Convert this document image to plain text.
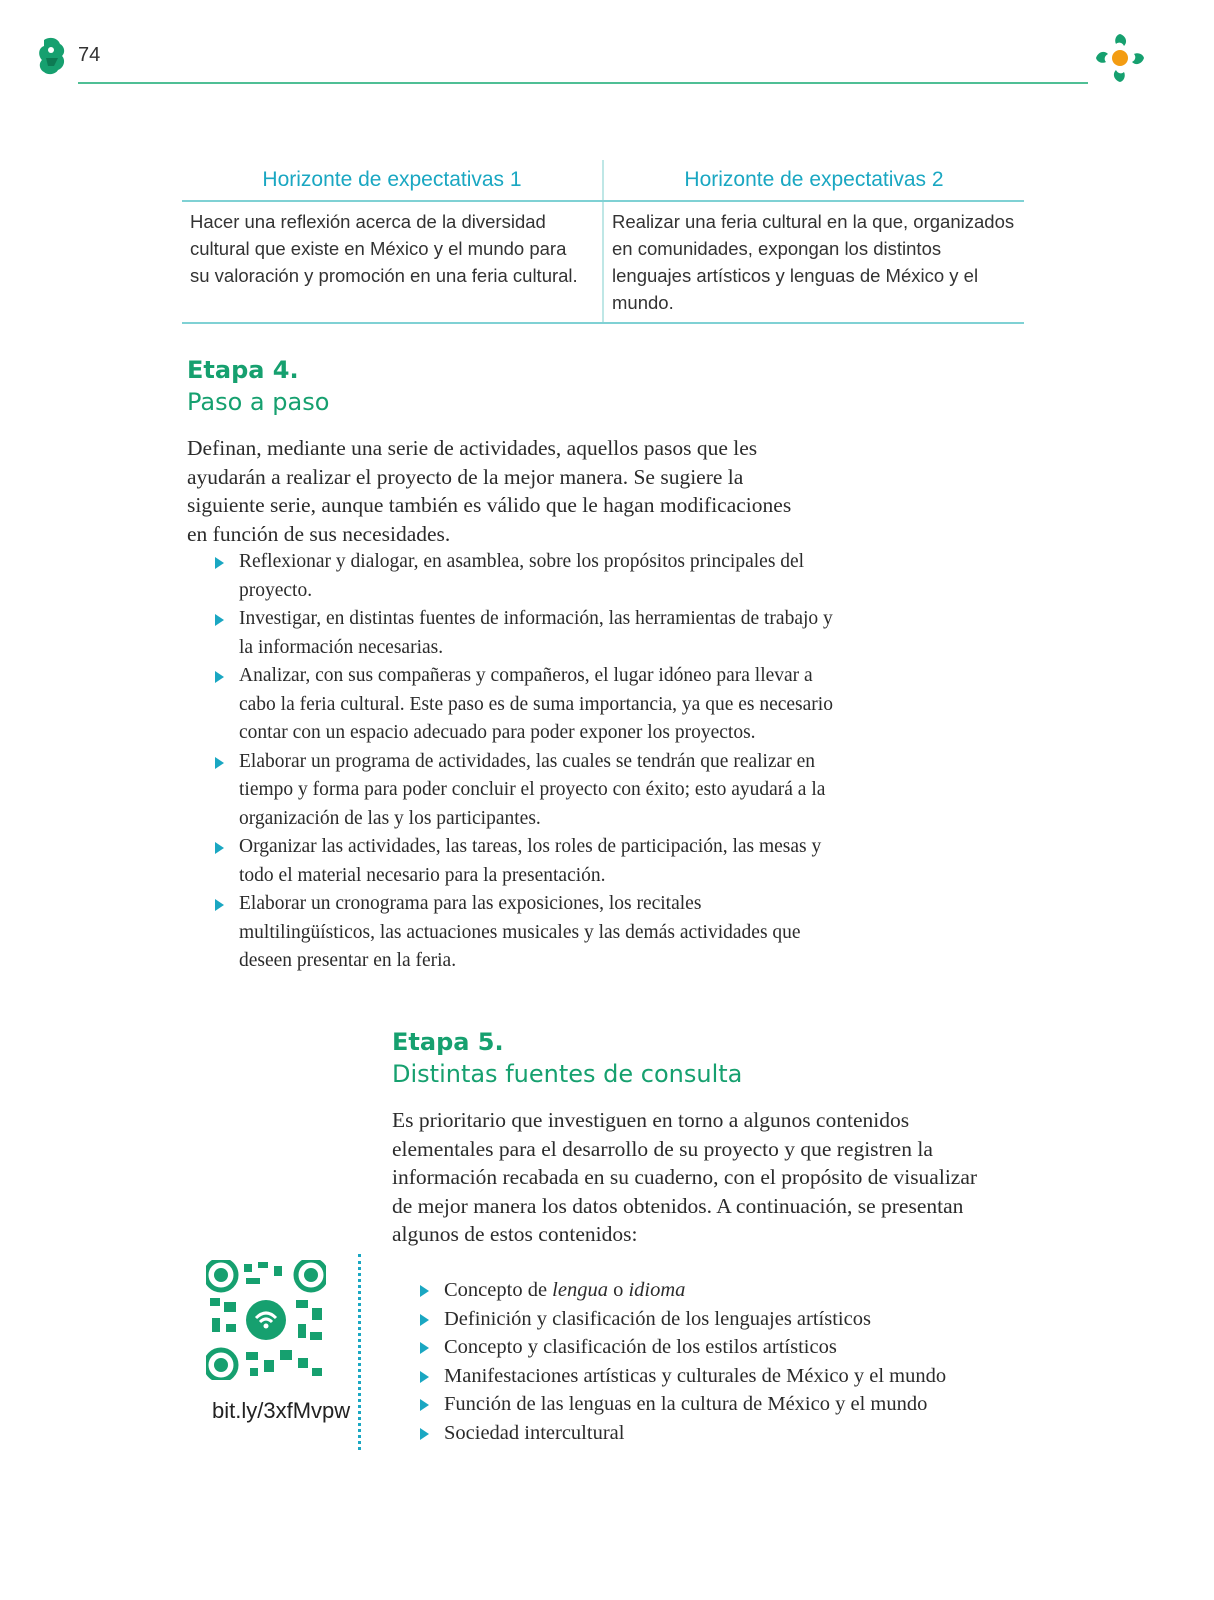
74
Horizonte de expectativas 1	Horizonte de expectativas 2
Hacer una reflexión acerca de la diversidad cultural que existe en México y el mundo para su valoración y promoción en una feria cultural.
Realizar una feria cultural en la que, organizados en comunidades, expongan los distintos lenguajes artísticos y lenguas de México y el mundo.
Etapa 4.
Paso a paso

Definan, mediante una serie de actividades, aquellos pasos que les ayudarán a realizar el proyecto de la mejor manera. Se sugiere la siguiente serie, aunque también es válido que le hagan modificaciones en función de sus necesidades.

Reflexionar y dialogar, en asamblea, sobre los propósitos principales del proyecto.
Investigar, en distintas fuentes de información, las herramientas de trabajo y la información necesarias.
Analizar, con sus compañeras y compañeros, el lugar idóneo para llevar a cabo la feria cultural. Este paso es de suma importancia, ya que es necesario contar con un espacio adecuado para poder exponer los proyectos.
Elaborar un programa de actividades, las cuales se tendrán que realizar en tiempo y forma para poder concluir el proyecto con éxito; esto ayudará a la organización de las y los participantes.
Organizar las actividades, las tareas, los roles de participación, las mesas y todo el material necesario para la presentación.
Elaborar un cronograma para las exposiciones, los recitales multilingüísticos, las actuaciones musicales y las demás actividades que deseen presentar en la feria.
Etapa 5.
Distintas fuentes de consulta

Es prioritario que investiguen en torno a algunos contenidos elementales para el desarrollo de su proyecto y que registren la información recabada en su cuaderno, con el propósito de visualizar de mejor manera los datos obtenidos. A continuación, se presentan algunos de estos contenidos:

Concepto de lengua o idioma
Definición y clasificación de los lenguajes artísticos
Concepto y clasificación de los estilos artísticos
Manifestaciones artísticas y culturales de México y el mundo
Función de las lenguas en la cultura de México y el mundo
Sociedad intercultural
bit.ly/3xfMvpw
